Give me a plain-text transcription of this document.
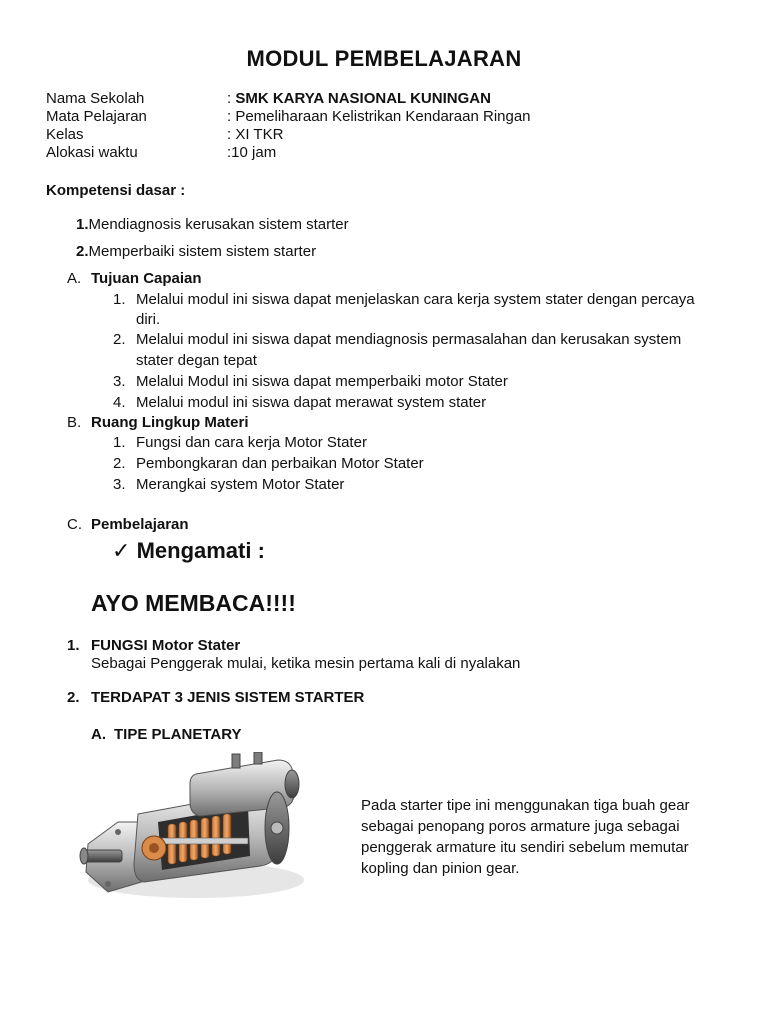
MODUL PEMBELAJARAN
Nama Sekolah	: SMK KARYA NASIONAL KUNINGAN
Mata Pelajaran	: Pemeliharaan Kelistrikan Kendaraan Ringan
Kelas	: XI TKR
Alokasi waktu	:10 jam
Kompetensi dasar :
1.Mendiagnosis kerusakan sistem starter
2.Memperbaiki sistem sistem starter
A. Tujuan Capaian
1. Melalui modul ini siswa dapat menjelaskan cara kerja system stater dengan percaya
diri.
2. Melalui modul ini siswa dapat mendiagnosis permasalahan dan kerusakan system
stater degan tepat
3. Melalui Modul ini siswa dapat memperbaiki motor Stater
4. Melalui modul ini siswa dapat merawat system stater
B. Ruang Lingkup Materi
1. Fungsi dan cara kerja Motor Stater
2. Pembongkaran dan perbaikan Motor Stater
3. Merangkai system Motor Stater
C. Pembelajaran
✓ Mengamati :
AYO MEMBACA!!!!
1. FUNGSI Motor Stater
Sebagai Penggerak mulai, ketika mesin pertama kali di nyalakan
2. TERDAPAT 3 JENIS SISTEM STARTER
A. TIPE PLANETARY
Pada starter tipe ini menggunakan tiga buah gear sebagai penopang poros armature juga sebagai penggerak armature itu sendiri sebelum memutar kopling dan pinion gear.
